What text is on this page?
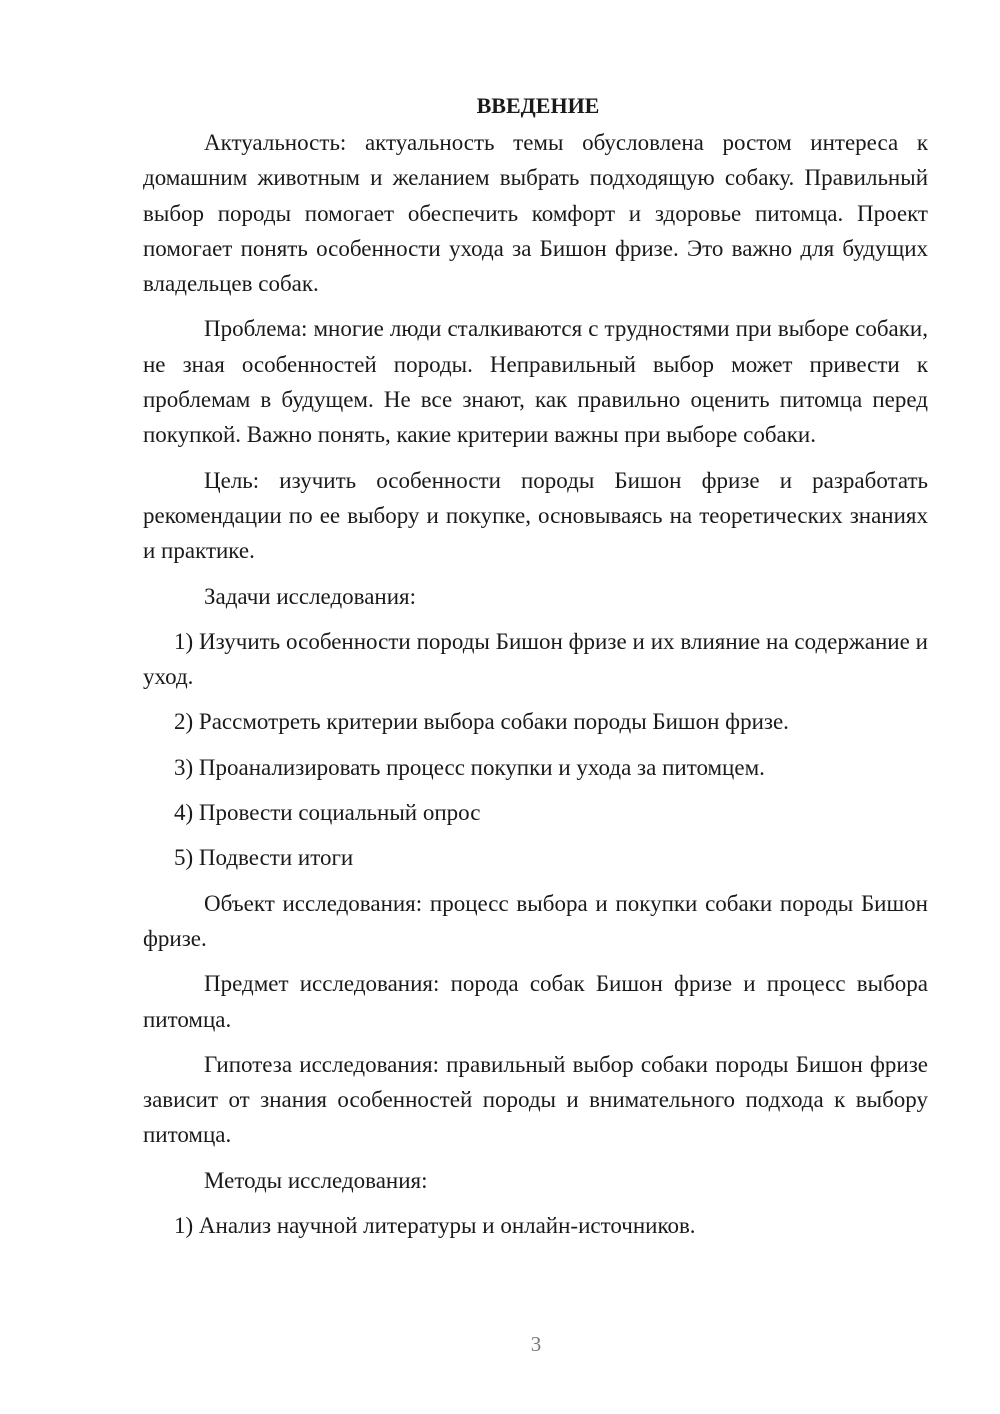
ВВЕДЕНИЕ

Актуальность: актуальность темы обусловлена ростом интереса к домашним животным и желанием выбрать подходящую собаку. Правильный выбор породы помогает обеспечить комфорт и здоровье питомца. Проект помогает понять особенности ухода за Бишон фризе. Это важно для будущих владельцев собак.

Проблема: многие люди сталкиваются с трудностями при выборе собаки, не зная особенностей породы. Неправильный выбор может привести к проблемам в будущем. Не все знают, как правильно оценить питомца перед покупкой. Важно понять, какие критерии важны при выборе собаки.

Цель: изучить особенности породы Бишон фризе и разработать рекомендации по ее выбору и покупке, основываясь на теоретических знаниях и практике.

Задачи исследования:

1) Изучить особенности породы Бишон фризе и их влияние на содержание и уход.

2) Рассмотреть критерии выбора собаки породы Бишон фризе.

3) Проанализировать процесс покупки и ухода за питомцем.

4) Провести социальный опрос

5) Подвести итоги

Объект исследования: процесс выбора и покупки собаки породы Бишон фризе.

Предмет исследования: порода собак Бишон фризе и процесс выбора питомца.

Гипотеза исследования: правильный выбор собаки породы Бишон фризе зависит от знания особенностей породы и внимательного подхода к выбору питомца.

Методы исследования:

1) Анализ научной литературы и онлайн-источников.

3
